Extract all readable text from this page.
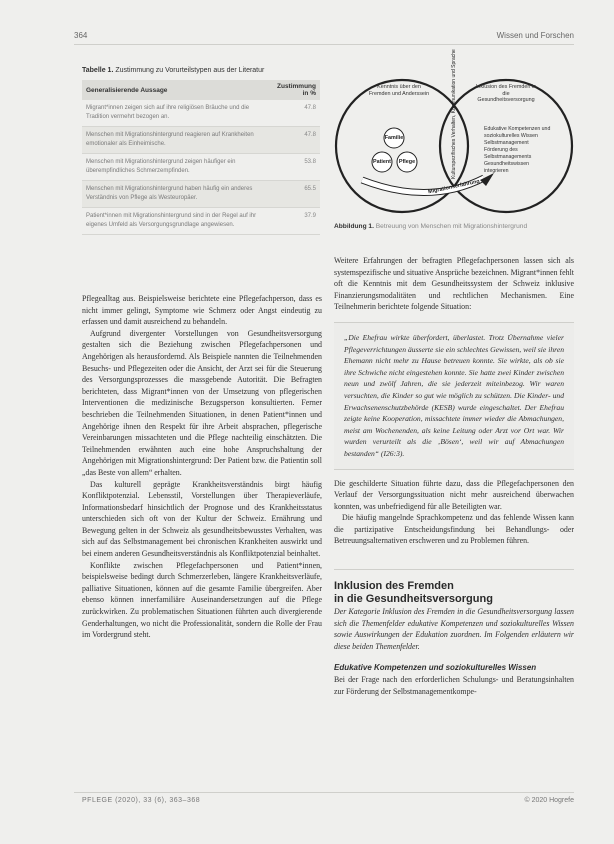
364	Wissen und Forschen
Tabelle 1. Zustimmung zu Vorurteilstypen aus der Literatur
Generalisierende Aussage	Zustimmung in %
Migrant*innen zeigen sich auf ihre religiösen Bräuche und die Tradition vermehrt bezogen an.	47.8
Menschen mit Migrationshintergrund reagieren auf Krankheiten emotionaler als Einheimische.	47.8
Menschen mit Migrationshintergrund zeigen häufiger ein überempfindliches Schmerzempfinden.	53.8
Menschen mit Migrationshintergrund haben häufig ein anderes Verständnis von Pflege als Westeuropäer.	65.5
Patient*innen mit Migrationshintergrund sind in der Regel auf ihr eigenes Umfeld als Versorgungsgrundlage angewiesen.	37.9
Kenntnis über den Fremden und Anderssein
Inklusion des Fremden in die Gesundheitsversorgung
Familie
Patient	Pflege	Kulturspezifisches Verhalten, Kommunikation und Sprache
Migrationserfahrung
Edukative Kompetenzen und
soziokulturelles Wissen
Selbstmanagement
Förderung des
Selbstmanagements
Gesundheitswissen
integrieren
Abbildung 1. Betreuung von Menschen mit Migrationshintergrund

Pflegealltag aus. Beispielsweise berichtete eine Pflegefachperson, dass es nicht immer gelingt, Symptome wie Schmerz oder Angst eindeutig zu erfassen und damit ausreichend zu behandeln.

Aufgrund divergenter Vorstellungen von Gesundheitsversorgung gestalten sich die Beziehung zwischen Pflegefachpersonen und Angehörigen als herausfordernd. Als Beispiele nannten die Teilnehmenden Besuchs- und Pflegezeiten oder die Ansicht, der Arzt sei für die Steuerung des Versorgungsprozesses die massgebende Autorität. Die Befragten berichteten, dass Migrant*innen von der Umsetzung von pflegerischen Interventionen die medizinische Bezugsperson konsultierten. Ferner beschrieben die Teilnehmenden Situationen, in denen Patient*innen und Angehörige ihnen den Respekt für ihre Arbeit absprachen, pflegerische Vereinbarungen missachteten und die Pflege nachteilig einschätzten. Die Teilnehmenden erwähnten auch eine hohe Anspruchshaltung der Angehörigen mit Migrationshintergrund: Der Patient bzw. die Patientin soll „das Beste von allem“ erhalten.

Das kulturell geprägte Krankheitsverständnis birgt häufig Konfliktpotenzial. Lebensstil, Vorstellungen über Therapieverläufe, Informationsbedarf hinsichtlich der Prognose und des Krankheitsstatus unterschieden sich oft von der Kultur der Schweiz. Ernährung und Bewegung gelten in der Schweiz als gesundheitsbewusstes Verhalten, was sich auf das Selbstmanagement bei chronischen Krankheiten auswirkt und bei einem anderen Gesundheitsverständnis als Konfliktpotenzial beinhaltet.

Konflikte zwischen Pflegefachpersonen und Patient*innen, beispielsweise bedingt durch Schmerzerleben, längere Krankheitsverläufe, palliative Situationen, können auf die gesamte Familie übergreifen. Aber ebenso können innerfamiliäre Auseinandersetzungen auf die Pflege zurückwirken. Zu problematischen Situationen führten auch divergierende Genderhaltungen, wo nicht die Professionalität, sondern die Rolle der Frau im Vordergrund steht.

Weitere Erfahrungen der befragten Pflegefachpersonen lassen sich als systemspezifische und situative Ansprüche bezeichnen. Migrant*innen fehlt oft die Kenntnis mit dem Gesundheitssystem der Schweiz inklusive Finanzierungsmodalitäten und rechtlichen Mechanismen. Eine Teilnehmerin berichtete folgende Situation:

„Die Ehefrau wirkte überfordert, überlastet. Trotz Übernahme vieler Pflegeverrichtungen äusserte sie ein schlechtes Gewissen, weil sie ihren Ehemann nicht mehr zu Hause betreuen konnte. Sie wirkte, als ob sie ihre Schwiche nicht eingestehen konnte. Sie hatte zwei Kinder zwischen neun und zwölf Jahren, die sie jederzeit miteinbezog. Wir waren versuchten, die Kinder so gut wie möglich zu schützen. Die Kinder- und Erwachsenenschutzbehörde (KESB) wurde eingeschaltet. Der Ehefrau zeigte keine Kooperation, missachtete immer wieder die Abmachungen, meist am Wochenenden, als keine Leitung oder Arzt vor Ort war. Wir wurden verurteilt als die ‚Bösen‘, weil wir auf Abmachungen bestanden“ (I26:3).

Die geschilderte Situation führte dazu, dass die Pflegefachpersonen den Verlauf der Versorgungssituation nicht mehr ausreichend überwachen konnten, was unbefriedigend für alle Beteiligten war.

Die häufig mangelnde Sprachkompetenz und das fehlende Wissen kann die partizipative Entscheidungsfindung bei Behandlungs- oder Betreuungsalternativen erschweren und zu Problemen führen.

Inklusion des Fremden
in die Gesundheitsversorgung

Der Kategorie Inklusion des Fremden in die Gesundheitsversorgung lassen sich die Themenfelder edukative Kompetenzen und soziokulturelles Wissen sowie Auswirkungen der Edukation zuordnen. Im Folgenden erläutern wir diese beiden Themenfelder.

Edukative Kompetenzen und soziokulturelles Wissen

Bei der Frage nach den erforderlichen Schulungs- und Beratungsinhalten zur Förderung der Selbstmanagementkompe-

PFLEGE (2020), 33 (6), 363–368	© 2020 Hogrefe
